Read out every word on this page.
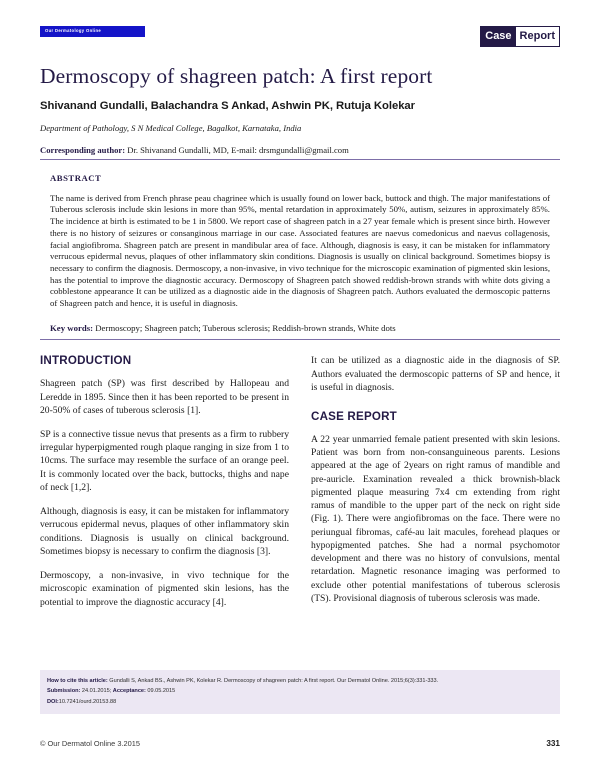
Our Dermatology Online	Case Report
Dermoscopy of shagreen patch: A first report
Shivanand Gundalli, Balachandra S Ankad, Ashwin PK, Rutuja Kolekar
Department of Pathology, S N Medical College, Bagalkot, Karnataka, India
Corresponding author: Dr. Shivanand Gundalli, MD, E-mail: drsmgundalli@gmail.com
ABSTRACT

The name is derived from French phrase peau chagrinee which is usually found on lower back, buttock and thigh. The major manifestations of Tuberous sclerosis include skin lesions in more than 95%, mental retardation in approximately 50%, autism, seizures in approximately 85%. The incidence at birth is estimated to be 1 in 5800. We report case of shagreen patch in a 27 year female which is present since birth. However there is no history of seizures or consanginous marriage in our case. Associated features are naevus comedonicus and naevus collagenosis, facial angiofibroma. Shagreen patch are present in mandibular area of face. Although, diagnosis is easy, it can be mistaken for inflammatory verrucous epidermal nevus, plaques of other inflammatory skin conditions. Diagnosis is usually on clinical background. Sometimes biopsy is necessary to confirm the diagnosis. Dermoscopy, a non-invasive, in vivo technique for the microscopic examination of pigmented skin lesions, has the potential to improve the diagnostic accuracy. Dermoscopy of Shagreen patch showed reddish-brown strands with white dots giving a cobblestone appearance It can be utilized as a diagnostic aide in the diagnosis of Shagreen patch. Authors evaluated the dermoscopic patterns of Shagreen patch and hence, it is useful in diagnosis.

Key words: Dermoscopy; Shagreen patch; Tuberous sclerosis; Reddish-brown strands, White dots
INTRODUCTION

Shagreen patch (SP) was first described by Hallopeau and Leredde in 1895. Since then it has been reported to be present in 20-50% of cases of tuberous sclerosis [1].

SP is a connective tissue nevus that presents as a firm to rubbery irregular hyperpigmented rough plaque ranging in size from 1 to 10cms. The surface may resemble the surface of an orange peel. It is commonly located over the back, buttocks, thighs and nape of neck [1,2].

Although, diagnosis is easy, it can be mistaken for inflammatory verrucous epidermal nevus, plaques of other inflammatory skin conditions. Diagnosis is usually on clinical background. Sometimes biopsy is necessary to confirm the diagnosis [3].

Dermoscopy, a non-invasive, in vivo technique for the microscopic examination of pigmented skin lesions, has the potential to improve the diagnostic accuracy [4].

It can be utilized as a diagnostic aide in the diagnosis of SP. Authors evaluated the dermoscopic patterns of SP and hence, it is useful in diagnosis.

CASE REPORT

A 22 year unmarried female patient presented with skin lesions. Patient was born from non-consanguineous parents. Lesions appeared at the age of 2years on right ramus of mandible and pre-auricle. Examination revealed a thick brownish-black pigmented plaque measuring 7x4 cm extending from right ramus of mandible to the upper part of the neck on right side (Fig. 1). There were angiofibromas on the face. There were no periungual fibromas, café-au lait macules, forehead plaques or hypopigmented patches. She had a normal psychomotor development and there was no history of convulsions, mental retardation. Magnetic resonance imaging was performed to exclude other potential manifestations of tuberous sclerosis (TS). Provisional diagnosis of tuberous sclerosis was made.

How to cite this article: Gundalli S, Ankad BS., Ashwin PK, Kolekar R. Dermoscopy of shagreen patch: A first report. Our Dermatol Online. 2015;6(3):331-333.
Submission: 24.01.2015; Acceptance: 09.05.2015
DOI:10.7241/ourd.20153.88
© Our Dermatol Online 3.2015	331
